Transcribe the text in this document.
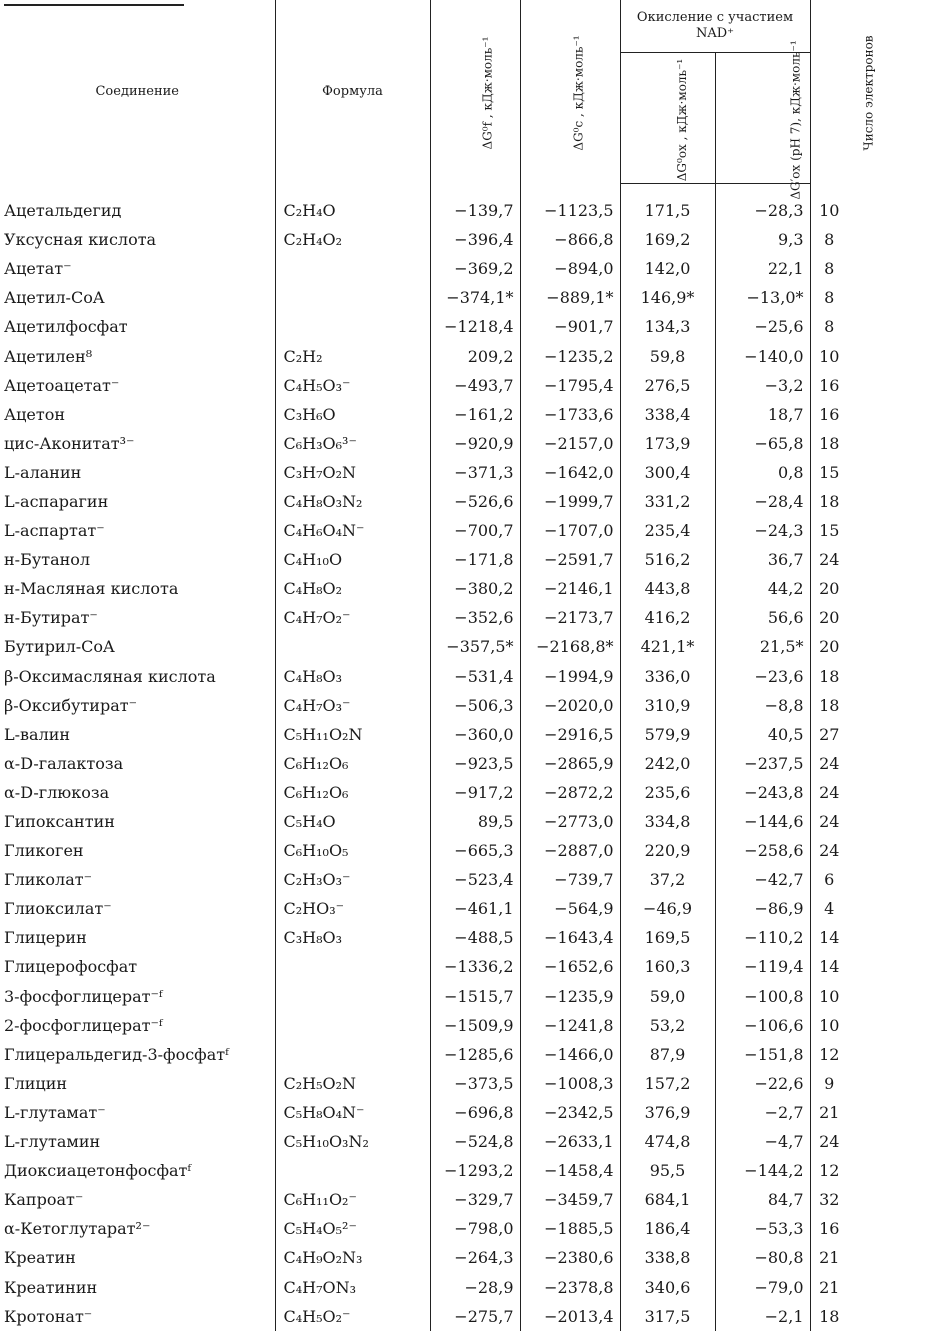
Соединение	Формула	ΔG⁰f , кДж·моль⁻¹	ΔG⁰c , кДж·моль⁻¹	Окисление с участием NAD⁺		Число электронов
				ΔG⁰ox , кДж·моль⁻¹	ΔG′ox (pH 7), кДж·моль⁻¹	
Ацетальдегид	C₂H₄O	−139,7	−1123,5	171,5	−28,3	10
Уксусная кислота	C₂H₄O₂	−396,4	−866,8	169,2	9,3	8
Ацетат⁻		−369,2	−894,0	142,0	22,1	8
Ацетил-CoA		−374,1*	−889,1*	146,9*	−13,0*	8
Ацетилфосфат		−1218,4	−901,7	134,3	−25,6	8
Ацетилен⁸	C₂H₂	209,2	−1235,2	59,8	−140,0	10
Ацетоацетат⁻	C₄H₅O₃⁻	−493,7	−1795,4	276,5	−3,2	16
Ацетон	C₃H₆O	−161,2	−1733,6	338,4	18,7	16
цис-Аконитат³⁻	C₆H₃O₆³⁻	−920,9	−2157,0	173,9	−65,8	18
L-аланин	C₃H₇O₂N	−371,3	−1642,0	300,4	0,8	15
L-аспарагин	C₄H₈O₃N₂	−526,6	−1999,7	331,2	−28,4	18
L-аспартат⁻	C₄H₆O₄N⁻	−700,7	−1707,0	235,4	−24,3	15
н-Бутанол	C₄H₁₀O	−171,8	−2591,7	516,2	36,7	24
н-Масляная кислота	C₄H₈O₂	−380,2	−2146,1	443,8	44,2	20
н-Бутират⁻	C₄H₇O₂⁻	−352,6	−2173,7	416,2	56,6	20
Бутирил-CoA		−357,5*	−2168,8*	421,1*	21,5*	20
β-Оксимасляная кислота	C₄H₈O₃	−531,4	−1994,9	336,0	−23,6	18
β-Оксибутират⁻	C₄H₇O₃⁻	−506,3	−2020,0	310,9	−8,8	18
L-валин	C₅H₁₁O₂N	−360,0	−2916,5	579,9	40,5	27
α-D-галактоза	C₆H₁₂O₆	−923,5	−2865,9	242,0	−237,5	24
α-D-глюкоза	C₆H₁₂O₆	−917,2	−2872,2	235,6	−243,8	24
Гипоксантин	C₅H₄O	89,5	−2773,0	334,8	−144,6	24
Гликоген	C₆H₁₀O₅	−665,3	−2887,0	220,9	−258,6	24
Гликолат⁻	C₂H₃O₃⁻	−523,4	−739,7	37,2	−42,7	6
Глиоксилат⁻	C₂HO₃⁻	−461,1	−564,9	−46,9	−86,9	4
Глицерин	C₃H₈O₃	−488,5	−1643,4	169,5	−110,2	14
Глицерофосфат		−1336,2	−1652,6	160,3	−119,4	14
3-фосфоглицерат⁻ᶠ		−1515,7	−1235,9	59,0	−100,8	10
2-фосфоглицерат⁻ᶠ		−1509,9	−1241,8	53,2	−106,6	10
Глицеральдегид-3-фосфатᶠ		−1285,6	−1466,0	87,9	−151,8	12
Глицин	C₂H₅O₂N	−373,5	−1008,3	157,2	−22,6	9
L-глутамат⁻	C₅H₈O₄N⁻	−696,8	−2342,5	376,9	−2,7	21
L-глутамин	C₅H₁₀O₃N₂	−524,8	−2633,1	474,8	−4,7	24
Диоксиацетонфосфатᶠ		−1293,2	−1458,4	95,5	−144,2	12
Капроат⁻	C₆H₁₁O₂⁻	−329,7	−3459,7	684,1	84,7	32
α-Кетоглутарат²⁻	C₅H₄O₅²⁻	−798,0	−1885,5	186,4	−53,3	16
Креатин	C₄H₉O₂N₃	−264,3	−2380,6	338,8	−80,8	21
Креатинин	C₄H₇ON₃	−28,9	−2378,8	340,6	−79,0	21
Кротонат⁻	C₄H₅O₂⁻	−275,7	−2013,4	317,5	−2,1	18
